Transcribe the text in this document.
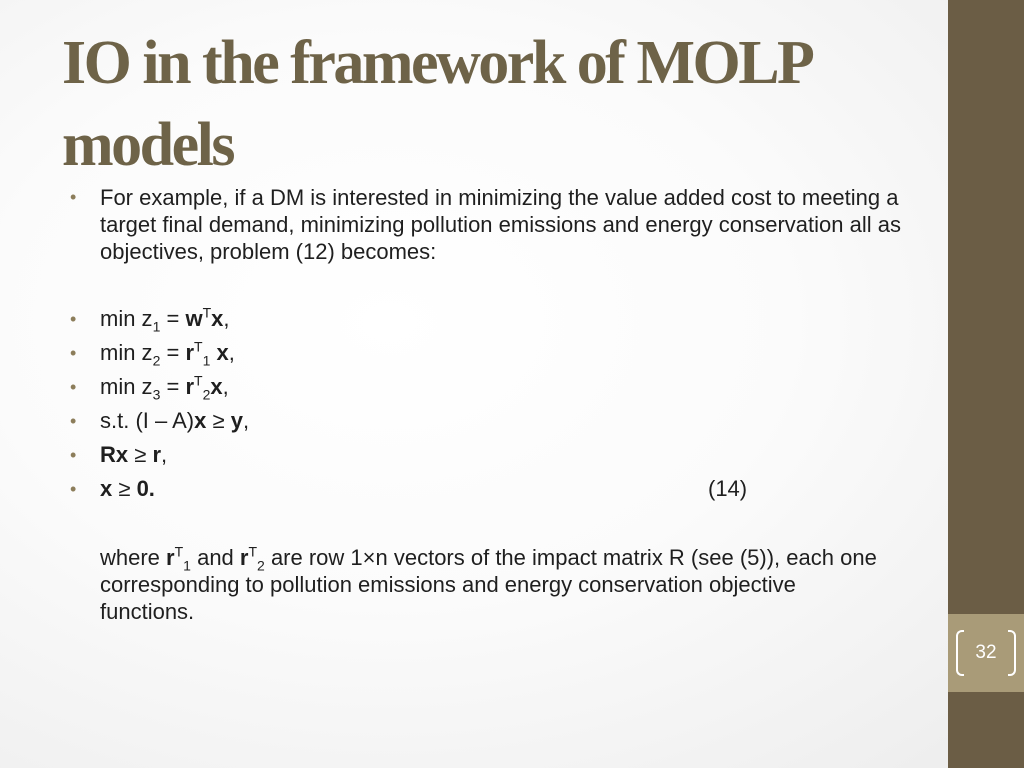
32
IO in the framework of MOLP models

• For example, if a DM is interested in minimizing the value added cost to meeting a target final demand, minimizing pollution emissions and energy conservation all as objectives, problem (12) becomes:

• $\min z_1 = w^Tx$,
• $\min z_2 = r^T_1$ x,
• $\min z_3 = r^T_2x$,
• s.t. (I – A)x ≥ y,
• Rx ≥ r,
• x ≥ 0.	(14)

where $r^T_1$ and $r^T_2$ are row 1×n vectors of the impact matrix R (see (5)), each one corresponding to pollution emissions and energy conservation objective functions.
